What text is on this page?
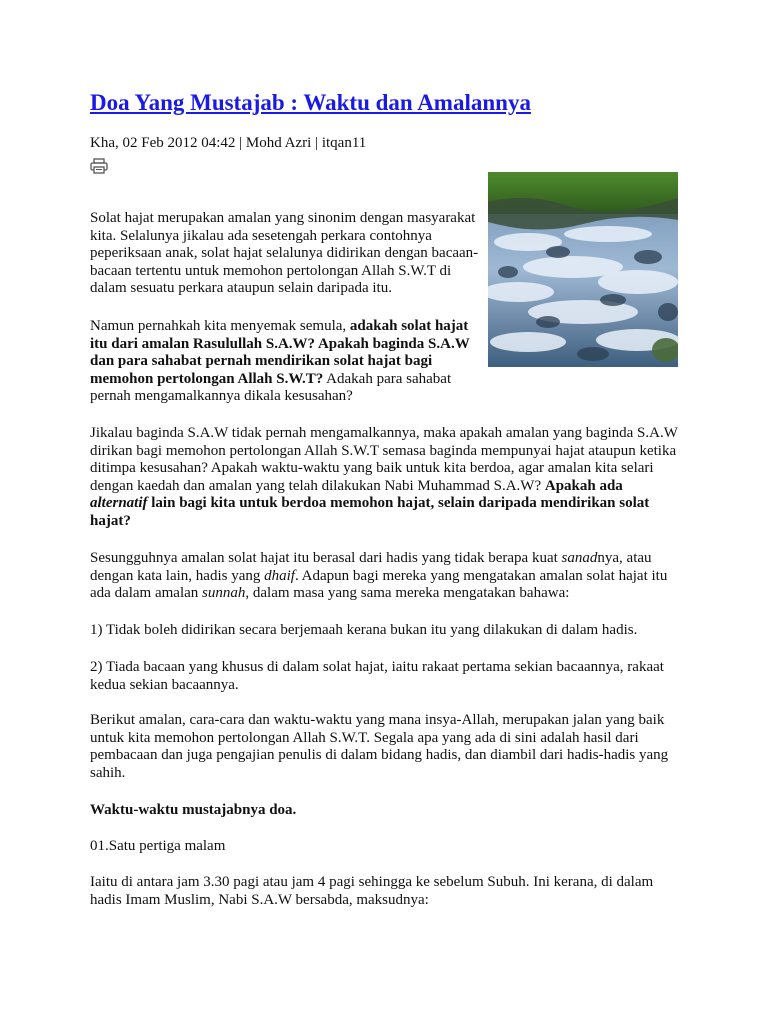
Doa Yang Mustajab : Waktu dan Amalannya
Kha, 02 Feb 2012 04:42 | Mohd Azri | itqan11

Solat hajat merupakan amalan yang sinonim dengan masyarakat kita. Selalunya jikalau ada sesetengah perkara contohnya peperiksaan anak, solat hajat selalunya didirikan dengan bacaan-bacaan tertentu untuk memohon pertolongan Allah S.W.T di dalam sesuatu perkara ataupun selain daripada itu.

Namun pernahkah kita menyemak semula, adakah solat hajat itu dari amalan Rasulullah S.A.W? Apakah baginda S.A.W dan para sahabat pernah mendirikan solat hajat bagi memohon pertolongan Allah S.W.T? Adakah para sahabat pernah mengamalkannya dikala kesusahan?

Jikalau baginda S.A.W tidak pernah mengamalkannya, maka apakah amalan yang baginda S.A.W dirikan bagi memohon pertolongan Allah S.W.T semasa baginda mempunyai hajat ataupun ketika ditimpa kesusahan? Apakah waktu-waktu yang baik untuk kita berdoa, agar amalan kita selari dengan kaedah dan amalan yang telah dilakukan Nabi Muhammad S.A.W? Apakah ada alternatif lain bagi kita untuk berdoa memohon hajat, selain daripada mendirikan solat hajat?

Sesungguhnya amalan solat hajat itu berasal dari hadis yang tidak berapa kuat sanadnya, atau dengan kata lain, hadis yang dhaif. Adapun bagi mereka yang mengatakan amalan solat hajat itu ada dalam amalan sunnah, dalam masa yang sama mereka mengatakan bahawa:

1) Tidak boleh didirikan secara berjemaah kerana bukan itu yang dilakukan di dalam hadis.

2) Tiada bacaan yang khusus di dalam solat hajat, iaitu rakaat pertama sekian bacaannya, rakaat kedua sekian bacaannya.

Berikut amalan, cara-cara dan waktu-waktu yang mana insya-Allah, merupakan jalan yang baik untuk kita memohon pertolongan Allah S.W.T. Segala apa yang ada di sini adalah hasil dari pembacaan dan juga pengajian penulis di dalam bidang hadis, dan diambil dari hadis-hadis yang sahih.

Waktu-waktu mustajabnya doa.

01.Satu pertiga malam

Iaitu di antara jam 3.30 pagi atau jam 4 pagi sehingga ke sebelum Subuh. Ini kerana, di dalam hadis Imam Muslim, Nabi S.A.W bersabda, maksudnya:
